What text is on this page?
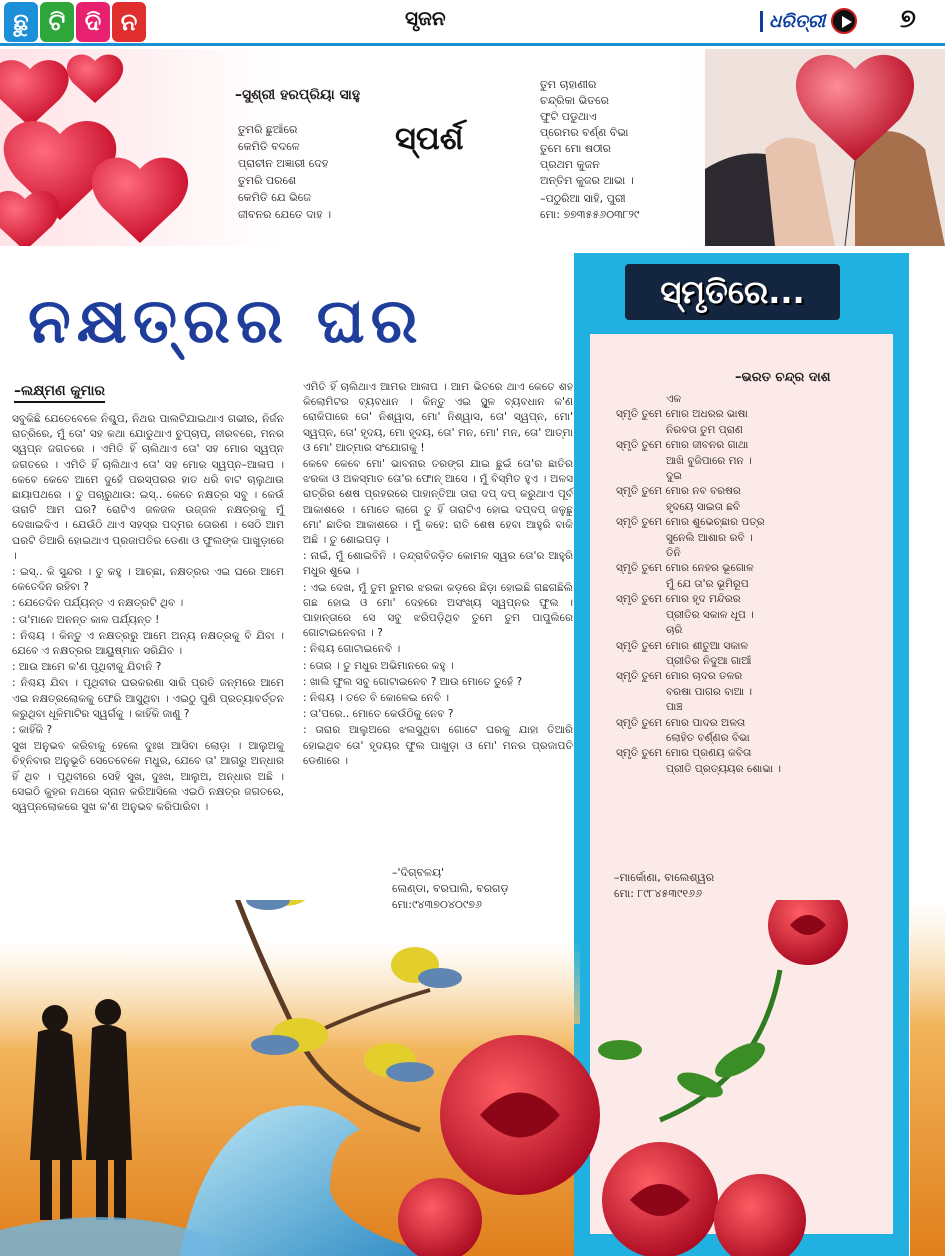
ଛୁ ଟି ଦି ନ	ସୃଜନ	ଧରିତ୍ରୀ	୭
–ସୁଶ୍ରୀ ହରପ୍ରିୟା ସାହୁ
ତୁମରି ଛୁଆଁରେ
କେମିତି ବଦଳେ
ପ୍ରାଚୀନ ଅଜ୍ଞାରୀ ଦେହ
ତୁମରି ପରଶେ
କେମିତି ଯେ ଭିଜେ
ଜୀବନର ଯେତେ ଦାହ ।
ସ୍ପର୍ଶ
ତୁମ ଚାହାଣୀର
ଚନ୍ଦ୍ରିକା ଭିତରେ
ଫୁଟି ପଡୁଥାଏ
ପ୍ରେମର ବର୍ଣ୍ଣ ବିଭା
ତୁମେ ମୋ ଷଠୀର
ପ୍ରଥମ କୁଜନ
ଅନ୍ତିମ କୁଜର ଆଭା ।
–ପଠୁରିଆ ସାହି, ପୁରୀ
ମୋ: ୭୭୩୫୫୬୦୩୮୨୯
ନକ୍ଷତ୍ରର ଘର
–ଲକ୍ଷ୍ମଣ କୁମାର

ସବୁକିଛି ଯେତେବେଳେ ନିଶ୍ଚୁପ, ନିଥର ପାଲଟିଯାଇଥାଏ ଗଭୀର, ନିର୍ଜନ ରାତ୍ରିରେ, ମୁଁ ତୋ' ସହ କଥା ଯୋଡୁଥାଏ ଚୁପ୍‌ଚାପ୍, ନୀରବରେ, ମନର ସ୍ୱପ୍ନ ଜଗତରେ । ଏମିତି ହିଁ ଚାଲିଥାଏ ତୋ' ସହ ମୋର ସ୍ୱପ୍ନ ଜଗତରେ । ଏମିତି ହିଁ ଚାଲିଥାଏ ତୋ' ସହ ମୋର ସ୍ୱପ୍ନ–ଆଳାପ । କେବେ କେବେ ଆମେ ଦୁହେଁ ପରସ୍ପରର ହାତ ଧରି ବାଟ ଚାଲୁଥାଉ ଛାୟାପଥରେ । ତୁ ପଚାରୁଥାଉ: ଇସ୍.. କେତେ ନକ୍ଷତ୍ର ସବୁ । କେଉଁ ତାରାଟି ଆମ ଘର? ରୋଟିଏ ଜଳଜଳ ଉଜ୍ଜଳ ନକ୍ଷତ୍ରକୁ ମୁଁ ଦେଖାଇଦିଏ । ଯେଉଁଠି ଥାଏ ସହସ୍ର ପଦ୍ମର ତୋରଣ । ସେଠି ଆମ ଘରଟି ତିଆରି ହୋଇଥାଏ ପ୍ରଜାପତିର ଡେଣା ଓ ଫୁଲଙ୍କ ପାଖୁଡ଼ାରେ ।

: ଇସ୍.. କି ସୁନ୍ଦର । ତୁ କହୁ । ଆଚ୍ଛା, ନକ୍ଷତ୍ରର ଏଇ ଘରେ ଆମେ କେତେଦିନ ରହିବା ?

: ଯେତେଦିନ ପର୍ଯ୍ୟନ୍ତ ଏ ନକ୍ଷତ୍ରଟି ଥିବ ।

: ତା'ମାନେ ଅନନ୍ତ କାଳ ପର୍ଯ୍ୟନ୍ତ !

: ନିଶ୍ଚୟ । କିନ୍ତୁ ଏ ନକ୍ଷତ୍ରରୁ ଆମେ ଅନ୍ୟ ନକ୍ଷତ୍ରକୁ ବି ଯିବା । ଯେବେ ଏ ନକ୍ଷତ୍ରର ଆୟୁଷ୍ମାନ ସରିଯିବ ।

: ଆଉ ଆମେ କ'ଣ ପୃଥିବୀକୁ ଯିବାନି ?

: ନିଶ୍ଚୟ ଯିବା । ପୃଥିବୀର ଘରକରଣା ସାରି ପ୍ରତି ଜନ୍ମରେ ଆମେ ଏଇ ନକ୍ଷତ୍ରଲୋକକୁ ଫେରି ଆସୁଥିବା । ଏଇଠୁ ପୁଣି ପ୍ରତ୍ୟାବର୍ତ୍ତନ କରୁଥିବା ଧୂଳିମାଟିର ସ୍ୱର୍ଗକୁ । କାହିଁକି ଜାଣୁ ?

: କାହିଁକି ?

ସୁଖ ଅନୁଭବ କରିବାକୁ ହେଲେ ଦୁଃଖ ଆସିବା ଲୋଡ଼ା । ଆଲୁଅକୁ ଚିହ୍ନିବାର ଅନୁଭୂତି ସେତେବେଳେ ମଧୁର, ଯେବେ ତା' ଆଗରୁ ଅନ୍ଧାର ହିଁ ଥିବ । ପୃଥିବୀରେ ସେହି ସୁଖ, ଦୁଃଖ, ଆଲୁଅ, ଅନ୍ଧାର ଅଛି । ସେଇଠି କୁହର ନଥରେ ସ୍ନାନ କରିଆସିଲେ ଏଇଠି ନକ୍ଷତ୍ର ଜଗତରେ, ସ୍ୱପ୍ନଲୋକରେ ସୁଖ କ'ଣ ଅନୁଭବ କରିପାରିବା ।

ଏମିତି ହିଁ ଚାଲିଥାଏ ଆମର ଆଳାପ । ଆମ ଭିତରେ ଥାଏ କେତେ ଶହ କିଲୋମିଟର ବ୍ୟବଧାନ । କିନ୍ତୁ ଏଇ ସ୍ଥୂଳ ବ୍ୟବଧାନ କ'ଣ ରୋକିପାରେ ତୋ' ନିଶ୍ୱାସ, ମୋ' ନିଶ୍ୱାସ, ତୋ' ସ୍ୱପ୍ନ, ମୋ' ସ୍ୱପ୍ନ, ତୋ' ହୃଦୟ, ମୋ ହୃଦୟ, ତୋ' ମନ, ମୋ' ମନ, ତୋ' ଆତ୍ମା ଓ ମୋ' ଆତ୍ମାର ସଂଯୋଗକୁ !

କେବେ କେବେ ମୋ' ଭାବନାର ତରଙ୍ଗ ଯାଇ ଛୁଇଁ ତୋ'ର ଛାତିର ଝରକା ଓ ଅକସ୍ମାତ ତୋ'ର ଫୋନ୍ ଆସେ । ମୁଁ ବିସ୍ମିତ ହୁଏ । ଅଳସ ରାତ୍ରିର ଶେଷ ପ୍ରହରରେ ପାହାନ୍ତିଆ ତାରା ଦପ୍ ଦପ୍ କରୁଥାଏ ପୂର୍ବ ଆକାଶରେ । ମୋତେ ଲାଗେ ତୁ ହିଁ ତାରାଟିଏ ହୋଇ ଦପ୍‌ଦପ୍ ଜଳୁଛୁ ମୋ' ଛାତିର ଆକାଶରେ । ମୁଁ କହେ: ରାତି ଶେଷ ହେବା ଆହୁରି ବାକି ଅଛି । ତୁ ଶୋଇପଡ଼ ।

: ନାଇଁ, ମୁଁ ଶୋଇବିନି । ତନ୍ଦ୍ରାବିଜଡ଼ିତ କୋମଳ ସ୍ୱର ତୋ'ର ଆହୁରି ମଧୁର ଶୁଭେ ।

: ଏଇ ଦେଖ, ମୁଁ ତୁମ ରୁମର ଝରକା କଡ଼ରେ ଛିଡ଼ା ହୋଇଛି ଗଛଗଛିଲି ଗଛ ହୋଇ ଓ ମୋ' ଦେହରେ ଅସଂଖ୍ୟ ସ୍ୱପ୍ନର ଫୁଲ । ପାହାନ୍ତାରେ ସେ ସବୁ ଝରିପଡ଼ିଥିବ ତୁମେ ତୁମ ପାପୁଲିରେ ଗୋଟାଇନେବନା । ?

: ନିଶ୍ଚୟ ଗୋଟାଇନେବି ।

: ତୋର । ତୁ ମଧୁର ଅଭିମାନରେ କହୁ ।

: ଖାଲି ଫୁଲ ସବୁ ଗୋଟାଇନେବ ? ଆଉ ମୋତେ ତୁହେଁ ?

: ନିଶ୍ଚୟ । ତତେ ବି କୋଳେଇ ନେବି ।

: ତା'ପରେ.. ମୋତେ କେଉଁଠିକୁ ନେବ ?

: ତାରାର ଆଲୁଅରେ ଝଲସୁଥିବା ଗୋଟେ ଘରକୁ ଯାହା ତିଆରି ହୋଇଥିବ ତୋ' ହୃଦୟର ଫୁଲ ପାଖୁଡ଼ା ଓ ମୋ' ମନର ପ୍ରଜାପତି ଡେଣାରେ ।

–'ଦିଗ୍‌ବଳୟ'
ଲେଣ୍ଡା, ବରପାଲି, ବରଗଡ଼
ମୋ:୯୪୩୭୦୪୦୯୭୬
ସ୍ମୃତିରେ...
–ଭରତ ଚନ୍ଦ୍ର ଦାଶ
ଏକ
ସ୍ମୃତି ତୁମେ ମୋର ଅଧରର ଭାଷା
ନିରବତା ତୁମ ପ୍ରାଣ
ସ୍ମୃତି ତୁମେ ମୋର ଜୀବନର ଗାଥା
ଆଖି ବୁଜିପାରେ ମନ ।
ଦୁଇ
ସ୍ମୃତି ତୁମେ ମୋର ନବ ବରଷର
ହୃଦୟେ ସାଇତା ଛବି
ସ୍ମୃତି ତୁମେ ମୋର ଶୁଭେଚ୍ଛାର ପତ୍ର
ସୁନେଲି ଆଶାର ରବି ।
ତିନି
ସ୍ମୃତି ତୁମେ ମୋର ନେହର ଭୂଗୋଳ
ମୁଁ ଯେ ତା'ର ଭୂମିରୂପ
ସ୍ମୃତି ତୁମେ ମୋର ହୃଦ ମନ୍ଦିରର
ପ୍ରୀତିର ସକାଳ ଧୂପ ।
ଚାରି
ସ୍ମୃତି ତୁମେ ମୋର ଶୀତୁଆ ସକାଳ
ପ୍ରୀତିର ନିଦୁଆ ଗାଆଁ
ସ୍ମୃତି ତୁମେ ମୋର ଚାଦର ତଳର
ବରଷା ପାଗର ବାଆ ।
ପାଞ୍ଚ
ସ୍ମୃତି ତୁମେ ମୋର ପାଦର ଅଳତା
ଲୋହିତ ବର୍ଣ୍ଣର ବିଭା
ସ୍ମୃତି ତୁମେ ମୋର ପ୍ରଣୟ କବିତା
ପ୍ରୀତି ପ୍ରତ୍ୟୟର ଶୋଭା ।
–ମାର୍କୋଣା, ବାଲେଶ୍ୱର
ମୋ: ୮୯୮୪୫୩୯୧୬୬
